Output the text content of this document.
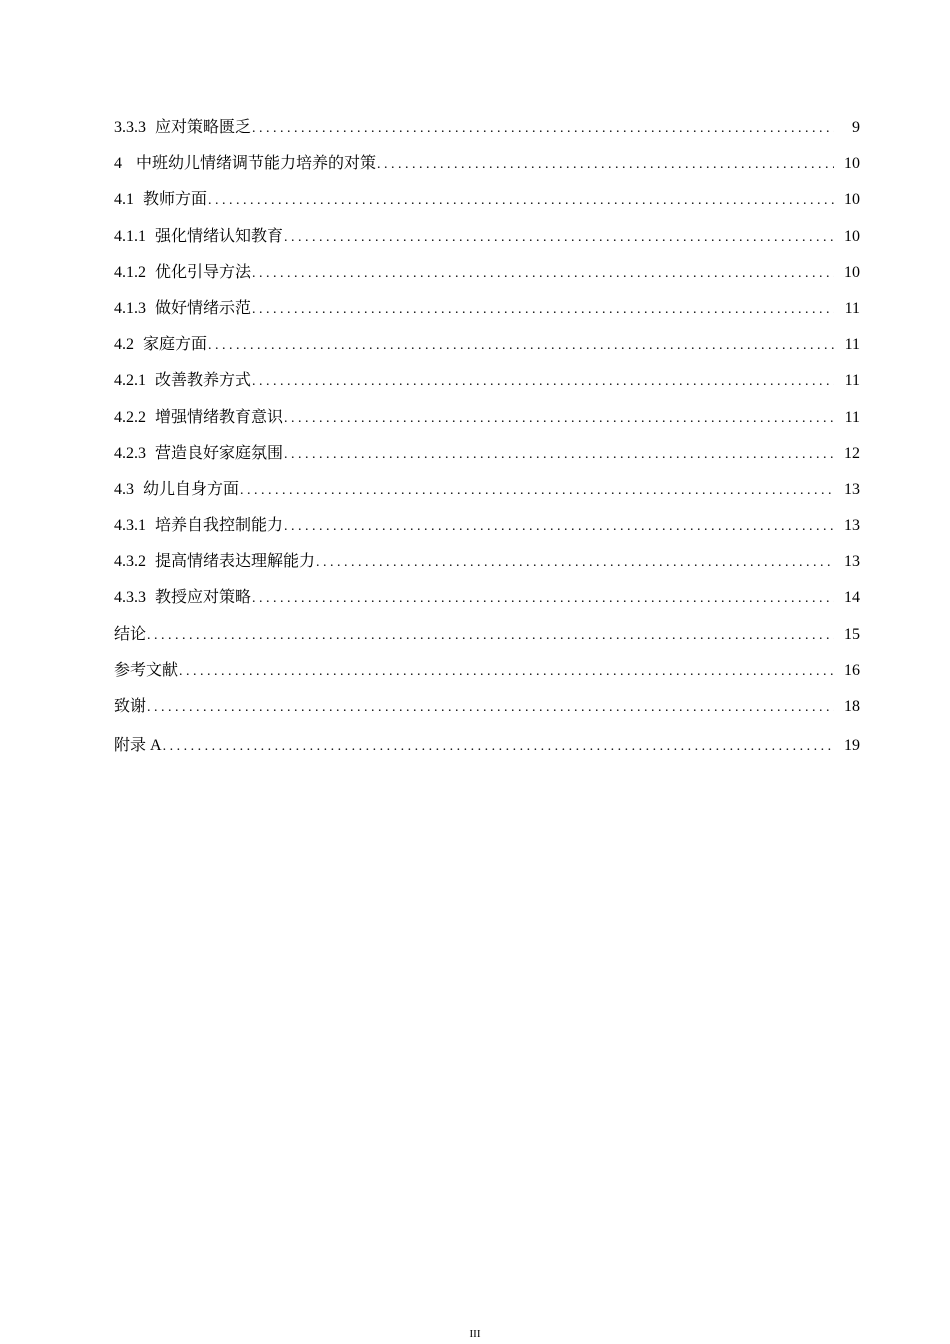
3.3.3 应对策略匮乏 . . .	9
4 中班幼儿情绪调节能力培养的对策 . . .	10
4.1 教师方面 . . .	10
4.1.1 强化情绪认知教育 . . .	10
4.1.2 优化引导方法 . . .	10
4.1.3 做好情绪示范 . . .	11
4.2 家庭方面 . . .	11
4.2.1 改善教养方式 . . .	11
4.2.2 增强情绪教育意识 . . .	11
4.2.3 营造良好家庭氛围 . . .	12
4.3 幼儿自身方面 . . .	13
4.3.1 培养自我控制能力 . . .	13
4.3.2 提高情绪表达理解能力 . . .	13
4.3.3 教授应对策略 . . .	14
结论 . . .	15
参考文献 . . .	16
致谢 . . .	18
附录 A . . .	19
III
